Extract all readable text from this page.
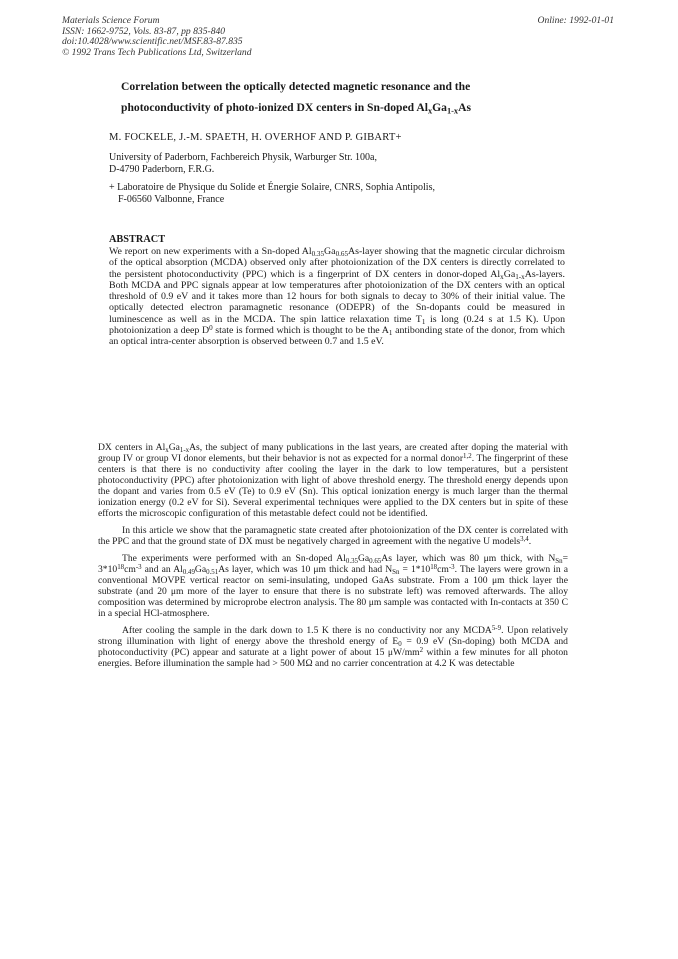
Materials Science Forum
ISSN: 1662-9752, Vols. 83-87, pp 835-840
doi:10.4028/www.scientific.net/MSF.83-87.835
© 1992 Trans Tech Publications Ltd, Switzerland
Online: 1992-01-01
Correlation between the optically detected magnetic resonance and the
photoconductivity of photo-ionized DX centers in Sn-doped $Al_xGa_{1-x}As$
M. FOCKELE, J.-M. SPAETH, H. OVERHOF AND P. GIBART+
University of Paderborn, Fachbereich Physik, Warburger Str. 100a,
D-4790 Paderborn, F.R.G.
+ Laboratoire de Physique du Solide et Énergie Solaire, CNRS, Sophia Antipolis,
F-06560 Valbonne, France
ABSTRACT
We report on new experiments with a Sn-doped $Al_{0.35}Ga_{0.65}As$-layer showing that the magnetic circular dichroism of the optical absorption (MCDA) observed only after photoionization of the DX centers is directly correlated to the persistent photoconductivity (PPC) which is a fingerprint of DX centers in donor-doped $Al_xGa_{1-x}As$-layers. Both MCDA and PPC signals appear at low temperatures after photoionization of the DX centers with an optical threshold of 0.9 eV and it takes more than 12 hours for both signals to decay to 30% of their initial value. The optically detected electron paramagnetic resonance (ODEPR) of the Sn-dopants could be measured in luminescence as well as in the MCDA. The spin lattice relaxation time $T_1$ is long (0.24 s at 1.5 K). Upon photoionization a deep $D^0$ state is formed which is thought to be the $A_1$ antibonding state of the donor, from which an optical intra-center absorption is observed between 0.7 and 1.5 eV.

DX centers in $Al_xGa_{1-x}As$, the subject of many publications in the last years, are created after doping the material with group IV or group VI donor elements, but their behavior is not as expected for a normal donor$^{1,2}$. The fingerprint of these centers is that there is no conductivity after cooling the layer in the dark to low temperatures, but a persistent photoconductivity (PPC) after photoionization with light of above threshold energy. The threshold energy depends upon the dopant and varies from 0.5 eV (Te) to 0.9 eV (Sn). This optical ionization energy is much larger than the thermal ionization energy (0.2 eV for Si). Several experimental techniques were applied to the DX centers but in spite of these efforts the microscopic configuration of this metastable defect could not be identified.

In this article we show that the paramagnetic state created after photoionization of the DX center is correlated with the PPC and that the ground state of DX must be negatively charged in agreement with the negative U models$^{3,4}$.

The experiments were performed with an Sn-doped $Al_{0.35}Ga_{0.65}As$ layer, which was 80 μm thick, with $N_{Sn}= 3*10^{18}cm^{-3}$ and an $Al_{0.49}Ga_{0.51}As$ layer, which was 10 μm thick and had $N_{Sn} = 1*10^{18}cm^{-3}$. The layers were grown in a conventional MOVPE vertical reactor on semi-insulating, undoped GaAs substrate. From a 100 μm thick layer the substrate (and 20 μm more of the layer to ensure that there is no substrate left) was removed afterwards. The alloy composition was determined by microprobe electron analysis. The 80 μm sample was contacted with In-contacts at 350 C in a special HCl-atmosphere.

After cooling the sample in the dark down to 1.5 K there is no conductivity nor any MCDA$^{5-9}$. Upon relatively strong illumination with light of energy above the threshold energy of $E_0 = 0.9$ eV (Sn-doping) both MCDA and photoconductivity (PC) appear and saturate at a light power of about 15 $\mu W/mm^2$ within a few minutes for all photon energies. Before illumination the sample had > 500 MΩ and no carrier concentration at 4.2 K was detectable
